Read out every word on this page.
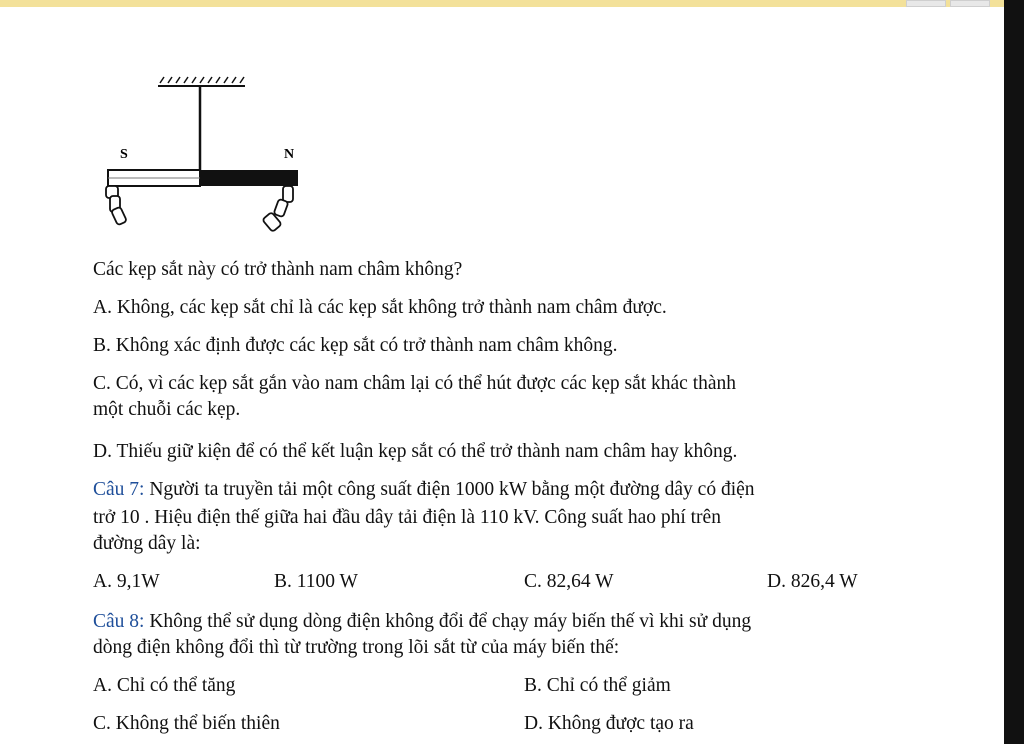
S	N
Các kẹp sắt này có trở thành nam châm không?
A. Không, các kẹp sắt chỉ là các kẹp sắt không trở thành nam châm được.
B. Không xác định được các kẹp sắt có trở thành nam châm không.
C. Có, vì các kẹp sắt gắn vào nam châm lại có thể hút được các kẹp sắt khác thành
một chuỗi các kẹp.
D. Thiếu giữ kiện để có thể kết luận kẹp sắt có thể trở thành nam châm hay không.
Câu 7: Người ta truyền tải một công suất điện 1000 kW bằng một đường dây có điện
trở 10 . Hiệu điện thế giữa hai đầu dây tải điện là 110 kV. Công suất hao phí trên
đường dây là:
A. 9,1W	B. 1100 W	C. 82,64 W	D. 826,4 W
Câu 8: Không thể sử dụng dòng điện không đổi để chạy máy biến thế vì khi sử dụng
dòng điện không đổi thì từ trường trong lõi sắt từ của máy biến thế:
A. Chỉ có thể tăng	B. Chỉ có thể giảm
C. Không thể biến thiên	D. Không được tạo ra
